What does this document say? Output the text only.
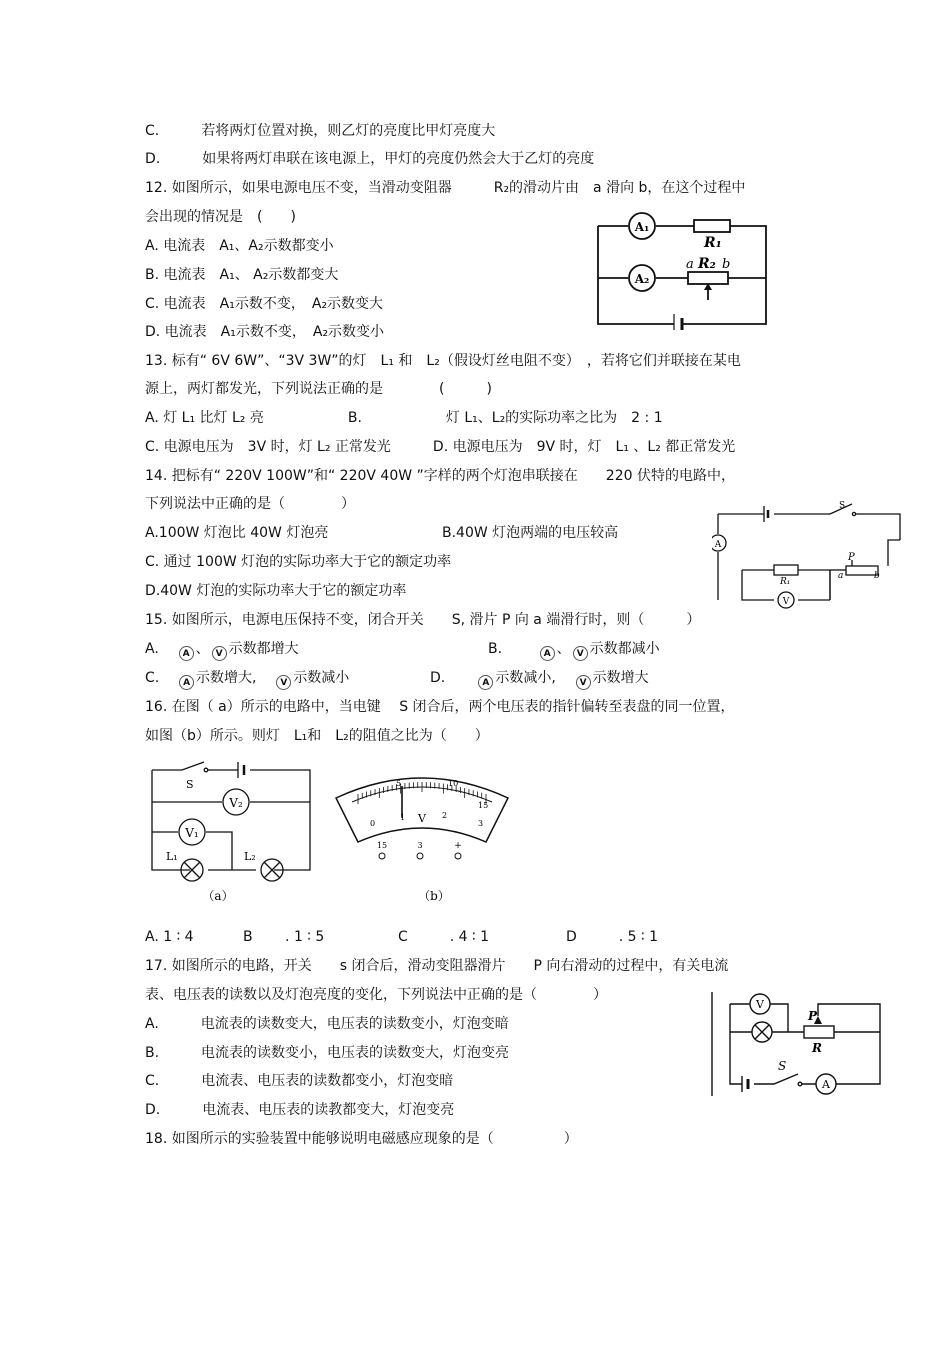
C.　　　若将两灯位置对换，则乙灯的亮度比甲灯亮度大
D.　　　如果将两灯串联在该电源上，甲灯的亮度仍然会大于乙灯的亮度
12. 如图所示，如果电源电压不变，当滑动变阻器　　　R₂的滑动片由　a 滑向 b，在这个过程中
会出现的情况是　(　　)
A. 电流表　A₁、A₂示数都变小
B. 电流表　A₁、 A₂示数都变大
C. 电流表　A₁示数不变，　A₂示数变大
D. 电流表　A₁示数不变，　A₂示数变小
A₁
R₁
A₂
a R₂ b
13. 标有“ 6V 6W”、“3V 3W”的灯　L₁ 和　L₂（假设灯丝电阻不变）　，若将它们并联接在某电
源上，两灯都发光，下列说法正确的是　　　　(　　　)
A. 灯 L₁ 比灯 L₂ 亮　　　　　　B.　　　　　　灯 L₁、L₂的实际功率之比为　2 : 1
C. 电源电压为　3V 时，灯 L₂ 正常发光　　　D. 电源电压为　9V 时，灯　L₁ 、L₂ 都正常发光
14. 把标有“ 220V 100W”和“ 220V 40W ”字样的两个灯泡串联接在　　220 伏特的电路中，
下列说法中正确的是（　　　　）
A.100W 灯泡比 40W 灯泡亮	B.40W 灯泡两端的电压较高
C. 通过 100W 灯泡的实际功率大于它的额定功率
D.40W 灯泡的实际功率大于它的额定功率
A
S
P
R₁
a	b
V
15. 如图所示，电源电压保持不变，闭合开关　　S, 滑片 P 向 a 端滑行时，则（　　　）
A.	A 、 V 示数都增大	B.	A 、 V 示数都减小
C.	A 示数增大,	V 示数减小	D.	A 示数减小,	V 示数增大
16. 在图（ a）所示的电路中，当电键　 S 闭合后，两个电压表的指针偏转至表盘的同一位置，
如图（b）所示。则灯　L₁和　L₂的阻值之比为（　　）
S
V₂
V₁
L₁	L₂
（a）
0
5	10
15
1	2
3
V
15	3	+
（b）
A. 1 ∶ 4	B　　 . 1 ∶ 5	C　　　. 4 ∶ 1	D　　　. 5 ∶ 1
17. 如图所示的电路，开关　　s 闭合后，滑动变阻器滑片　　P 向右滑动的过程中，有关电流
表、电压表的读数以及灯泡亮度的变化，下列说法中正确的是（　　　　）
A.　　　电流表的读数变大，电压表的读数变小，灯泡变暗
B.　　　电流表的读数变小，电压表的读数变大，灯泡变亮
C.　　　电流表、电压表的读数都变小，灯泡变暗
D.　　　电流表、电压表的读教都变大，灯泡变亮
V
P
R
S
A
18. 如图所示的实验装置中能够说明电磁感应现象的是（　　　　　）
